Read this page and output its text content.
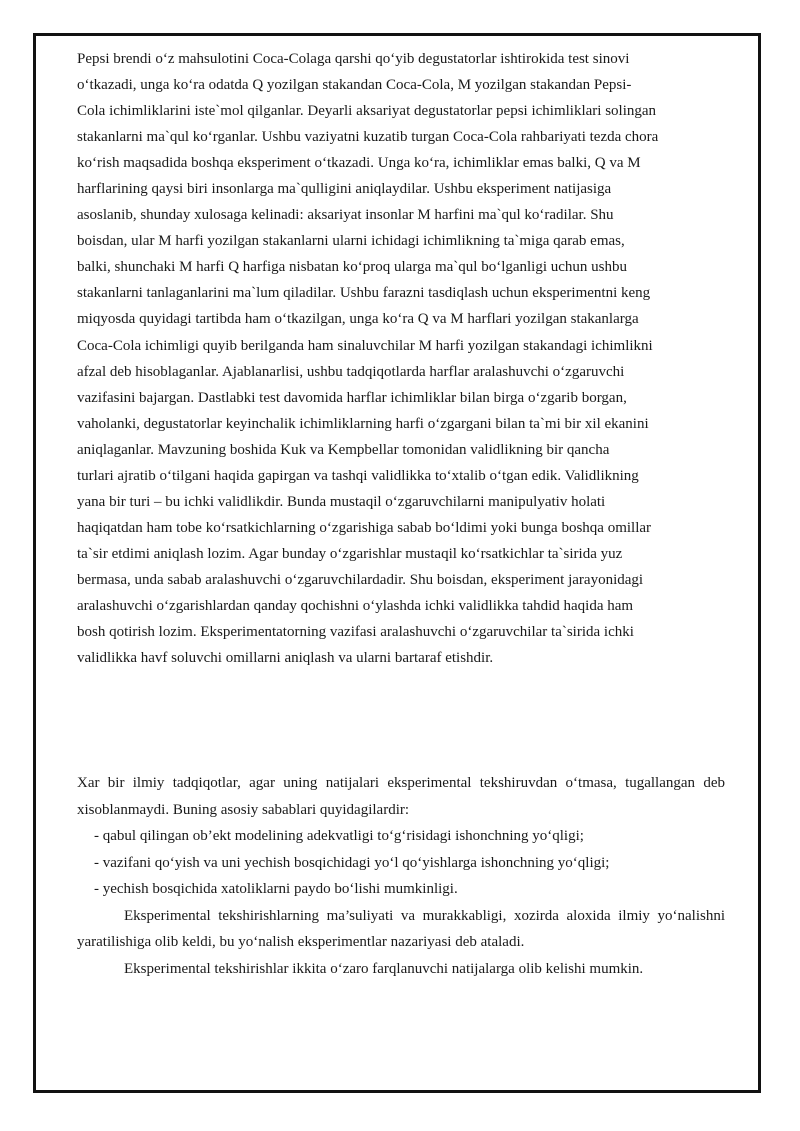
Pepsi brendi o‘z mahsulotini Coca-Colaga qarshi qo‘yib degustatorlar ishtirokida test sinovi
o‘tkazadi, unga ko‘ra odatda Q yozilgan stakandan Coca-Cola, M yozilgan stakandan Pepsi-
Cola ichimliklarini iste`mol qilganlar. Deyarli aksariyat degustatorlar pepsi ichimliklari solingan
stakanlarni ma`qul ko‘rganlar. Ushbu vaziyatni kuzatib turgan Coca-Cola rahbariyati tezda chora
ko‘rish maqsadida boshqa eksperiment o‘tkazadi. Unga ko‘ra, ichimliklar emas balki, Q va M
harflarining qaysi biri insonlarga ma`qulligini aniqlaydilar. Ushbu eksperiment natijasiga
asoslanib, shunday xulosaga kelinadi: aksariyat insonlar M harfini ma`qul ko‘radilar. Shu
boisdan, ular M harfi yozilgan stakanlarni ularni ichidagi ichimlikning ta`miga qarab emas,
balki, shunchaki M harfi Q harfiga nisbatan ko‘proq ularga ma`qul bo‘lganligi uchun ushbu
stakanlarni tanlaganlarini ma`lum qiladilar. Ushbu farazni tasdiqlash uchun eksperimentni keng
miqyosda quyidagi tartibda ham o‘tkazilgan, unga ko‘ra Q va M harflari yozilgan stakanlarga
Coca-Cola ichimligi quyib berilganda ham sinaluvchilar M harfi yozilgan stakandagi ichimlikni
afzal deb hisoblaganlar. Ajablanarlisi, ushbu tadqiqotlarda harflar aralashuvchi o‘zgaruvchi
vazifasini bajargan. Dastlabki test davomida harflar ichimliklar bilan birga o‘zgarib borgan,
vaholanki, degustatorlar keyinchalik ichimliklarning harfi o‘zgargani bilan ta`mi bir xil ekanini
aniqlaganlar. Mavzuning boshida Kuk va Kempbellar tomonidan validlikning bir qancha
turlari ajratib o‘tilgani haqida gapirgan va tashqi validlikka to‘xtalib o‘tgan edik. Validlikning
yana bir turi – bu ichki validlikdir. Bunda mustaqil o‘zgaruvchilarni manipulyativ holati
haqiqatdan ham tobe ko‘rsatkichlarning o‘zgarishiga sabab bo‘ldimi yoki bunga boshqa omillar
ta`sir etdimi aniqlash lozim. Agar bunday o‘zgarishlar mustaqil ko‘rsatkichlar ta`sirida yuz
bermasa, unda sabab aralashuvchi o‘zgaruvchilardadir. Shu boisdan, eksperiment jarayonidagi
aralashuvchi o‘zgarishlardan qanday qochishni o‘ylashda ichki validlikka tahdid haqida ham
bosh qotirish lozim. Eksperimentatorning vazifasi aralashuvchi o‘zgaruvchilar ta`sirida ichki
validlikka havf soluvchi omillarni aniqlash va ularni bartaraf etishdir.

Xar bir ilmiy tadqiqotlar, agar uning natijalari eksperimental tekshiruvdan o‘tmasa, tugallangan deb xisoblanmaydi. Buning asosiy sabablari quyidagilardir:

- qabul qilingan ob’ekt modelining adekvatligi to‘g‘risidagi ishonchning yo‘qligi;

- vazifani qo‘yish va uni yechish bosqichidagi yo‘l qo‘yishlarga ishonchning yo‘qligi;

- yechish bosqichida xatoliklarni paydo bo‘lishi mumkinligi.

Eksperimental tekshirishlarning ma’suliyati va murakkabligi, xozirda aloxida ilmiy yo‘nalishni yaratilishiga olib keldi, bu yo‘nalish eksperimentlar nazariyasi deb ataladi.

Eksperimental tekshirishlar ikkita o‘zaro farqlanuvchi natijalarga olib kelishi mumkin.
